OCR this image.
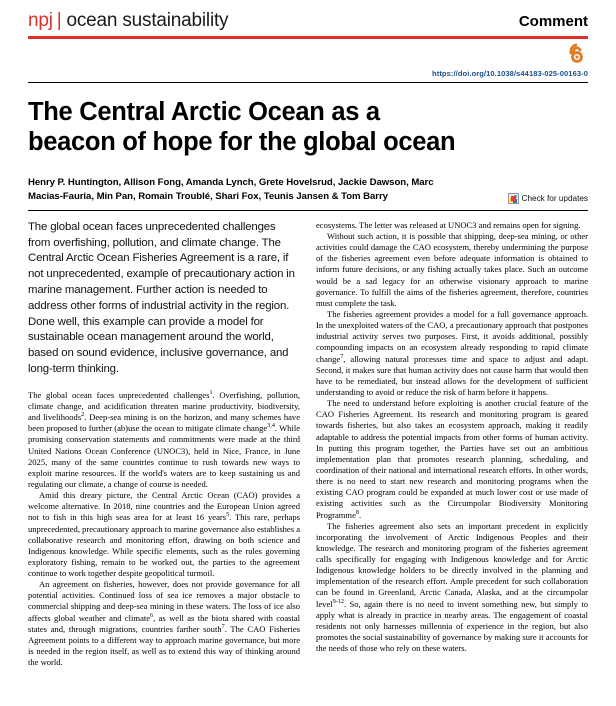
npj | ocean sustainability	Comment
https://doi.org/10.1038/s44183-025-00163-0
The Central Arctic Ocean as a beacon of hope for the global ocean
Henry P. Huntington, Allison Fong, Amanda Lynch, Grete Hovelsrud, Jackie Dawson, Marc Macias-Fauria, Min Pan, Romain Troublé, Shari Fox, Teunis Jansen & Tom Barry	Check for updates

The global ocean faces unprecedented challenges from overfishing, pollution, and climate change. The Central Arctic Ocean Fisheries Agreement is a rare, if not unprecedented, example of precautionary action in marine management. Further action is needed to address other forms of industrial activity in the region. Done well, this example can provide a model for sustainable ocean management around the world, based on sound evidence, inclusive governance, and long-term thinking.

The global ocean faces unprecedented challenges$^1$. Overfishing, pollution, climate change, and acidification threaten marine productivity, biodiversity, and livelihoods$^2$. Deep-sea mining is on the horizon, and many schemes have been proposed to further (ab)use the ocean to mitigate climate change$^{3,4}$. While promising conservation statements and commitments were made at the third United Nations Ocean Conference (UNOC3), held in Nice, France, in June 2025, many of the same countries continue to rush towards new ways to exploit marine resources. If the world's waters are to keep sustaining us and regulating our climate, a change of course is needed.

Amid this dreary picture, the Central Arctic Ocean (CAO) provides a welcome alternative. In 2018, nine countries and the European Union agreed not to fish in this high seas area for at least 16 years$^5$. This rare, perhaps unprecedented, precautionary approach to marine governance also establishes a collaborative research and monitoring effort, drawing on both science and Indigenous knowledge. While specific elements, such as the rules governing exploratory fishing, remain to be worked out, the parties to the agreement continue to work together despite geopolitical turmoil.

An agreement on fisheries, however, does not provide governance for all potential activities. Continued loss of sea ice removes a major obstacle to commercial shipping and deep-sea mining in these waters. The loss of ice also affects global weather and climate$^6$, as well as the biota shared with coastal states and, through migrations, countries farther south$^7$. The CAO Fisheries Agreement points to a different way to approach marine governance, but more is needed in the region itself, as well as to extend this way of thinking around the world.

ecosystems. The letter was released at UNOC3 and remains open for signing.

Without such action, it is possible that shipping, deep-sea mining, or other activities could damage the CAO ecosystem, thereby undermining the purpose of the fisheries agreement even before adequate information is obtained to inform future decisions, or any fishing actually takes place. Such an outcome would be a sad legacy for an otherwise visionary approach to marine governance. To fulfill the aims of the fisheries agreement, therefore, countries must complete the task.

The fisheries agreement provides a model for a full governance approach. In the unexploited waters of the CAO, a precautionary approach that postpones industrial activity serves two purposes. First, it avoids additional, possibly compounding impacts on an ecosystem already responding to rapid climate change$^7$, allowing natural processes time and space to adjust and adapt. Second, it makes sure that human activity does not cause harm that would then have to be remediated, but instead allows for the development of sufficient understanding to avoid or reduce the risk of harm before it happens.

The need to understand before exploiting is another crucial feature of the CAO Fisheries Agreement. Its research and monitoring program is geared towards fisheries, but also takes an ecosystem approach, making it readily adaptable to address the potential impacts from other forms of human activity. In putting this program together, the Parties have set out an ambitious implementation plan that promotes research planning, scheduling, and coordination of their national and international research efforts. In other words, there is no need to start new research and monitoring programs when the existing CAO program could be expanded at much lower cost or use made of existing activities such as the Circumpolar Biodiversity Monitoring Programme$^8$.

The fisheries agreement also sets an important precedent in explicitly incorporating the involvement of Arctic Indigenous Peoples and their knowledge. The research and monitoring program of the fisheries agreement calls specifically for engaging with Indigenous knowledge and for Arctic Indigenous knowledge holders to be directly involved in the planning and implementation of the research effort. Ample precedent for such collaboration can be found in Greenland, Arctic Canada, Alaska, and at the circumpolar level$^{9-12}$. So, again there is no need to invent something new, but simply to apply what is already in practice in nearby areas. The engagement of coastal residents not only harnesses millennia of experience in the region, but also promotes the social sustainability of governance by making sure it accounts for the needs of those who rely on these waters.
